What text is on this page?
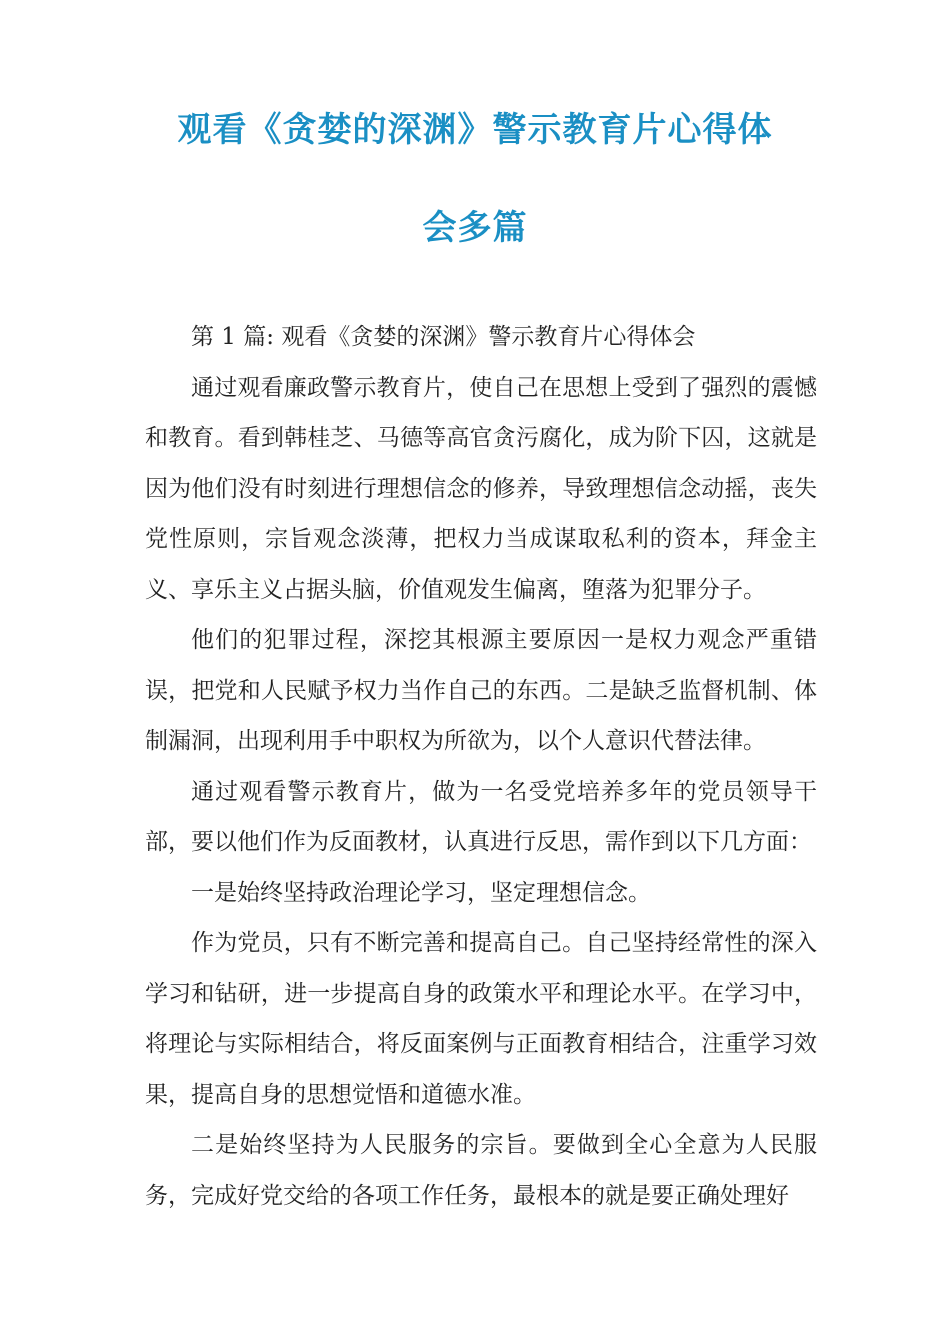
观看《贪婪的深渊》警示教育片心得体
会多篇

第 1 篇: 观看《贪婪的深渊》警示教育片心得体会

通过观看廉政警示教育片，使自己在思想上受到了强烈的震憾和教育。看到韩桂芝、马德等高官贪污腐化，成为阶下囚，这就是因为他们没有时刻进行理想信念的修养，导致理想信念动摇，丧失党性原则，宗旨观念淡薄，把权力当成谋取私利的资本，拜金主义、享乐主义占据头脑，价值观发生偏离，堕落为犯罪分子。

他们的犯罪过程，深挖其根源主要原因一是权力观念严重错误，把党和人民赋予权力当作自己的东西。二是缺乏监督机制、体制漏洞，出现利用手中职权为所欲为，以个人意识代替法律。

通过观看警示教育片，做为一名受党培养多年的党员领导干部，要以他们作为反面教材，认真进行反思，需作到以下几方面：

一是始终坚持政治理论学习，坚定理想信念。

作为党员，只有不断完善和提高自己。自己坚持经常性的深入学习和钻研，进一步提高自身的政策水平和理论水平。在学习中，将理论与实际相结合，将反面案例与正面教育相结合，注重学习效果，提高自身的思想觉悟和道德水准。

二是始终坚持为人民服务的宗旨。要做到全心全意为人民服务，完成好党交给的各项工作任务，最根本的就是要正确处理好
